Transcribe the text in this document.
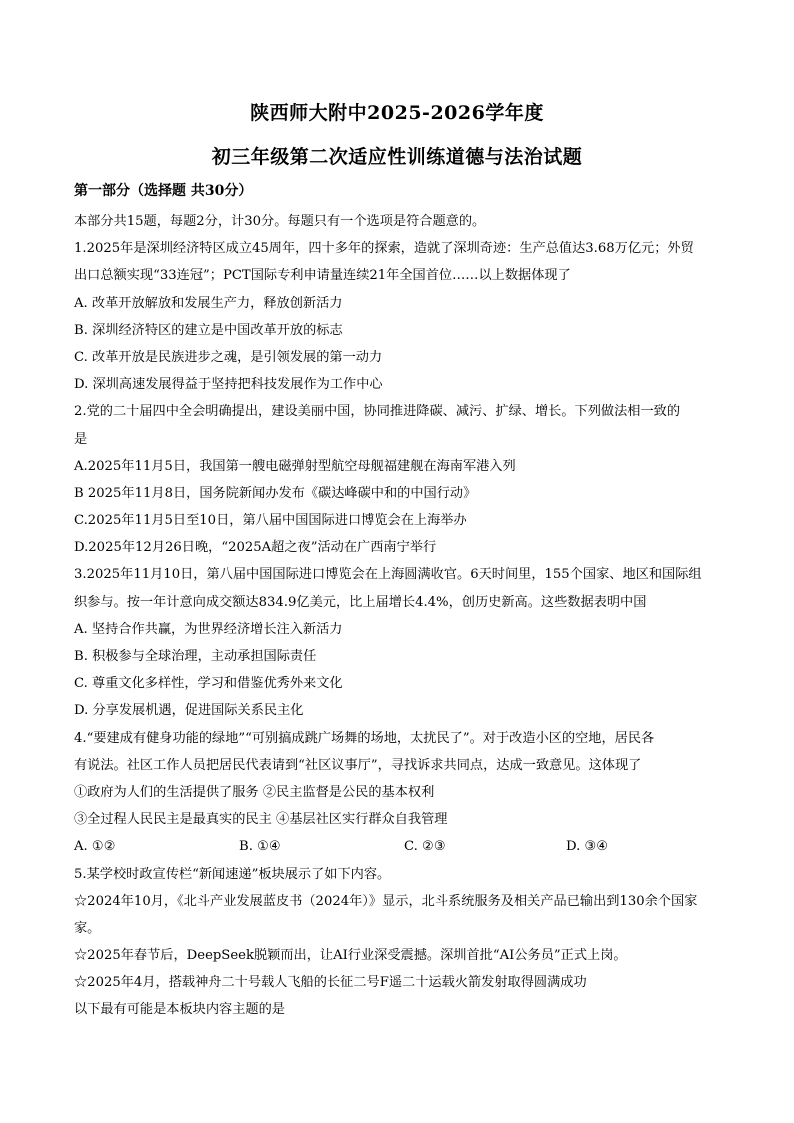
陕西师大附中2025-2026学年度
初三年级第二次适应性训练道德与法治试题
第一部分（选择题 共30分）
本部分共15题，每题2分，计30分。每题只有一个选项是符合题意的。
1.2025年是深圳经济特区成立45周年，四十多年的探索，造就了深圳奇迹：生产总值达3.68万亿元；外贸
出口总额实现“33连冠”；PCT国际专利申请量连续21年全国首位……以上数据体现了
A. 改革开放解放和发展生产力，释放创新活力
B. 深圳经济特区的建立是中国改革开放的标志
C. 改革开放是民族进步之魂，是引领发展的第一动力
D. 深圳高速发展得益于坚持把科技发展作为工作中心
2.党的二十届四中全会明确提出，建设美丽中国，协同推进降碳、减污、扩绿、增长。下列做法相一致的
是
A.2025年11月5日，我国第一艘电磁弹射型航空母舰福建舰在海南军港入列
B 2025年11月8日，国务院新闻办发布《碳达峰碳中和的中国行动》
C.2025年11月5日至10日，第八届中国国际进口博览会在上海举办
D.2025年12月26日晚，“2025A超之夜”活动在广西南宁举行
3.2025年11月10日，第八届中国国际进口博览会在上海圆满收官。6天时间里，155个国家、地区和国际组
织参与。按一年计意向成交额达834.9亿美元，比上届增长4.4%，创历史新高。这些数据表明中国
A. 坚持合作共赢，为世界经济增长注入新活力
B. 积极参与全球治理，主动承担国际责任
C. 尊重文化多样性，学习和借鉴优秀外来文化
D. 分享发展机遇，促进国际关系民主化
4.“要建成有健身功能的绿地”“可别搞成跳广场舞的场地，太扰民了”。对于改造小区的空地，居民各
有说法。社区工作人员把居民代表请到“社区议事厅”，寻找诉求共同点，达成一致意见。这体现了
①政府为人们的生活提供了服务 ②民主监督是公民的基本权利
③全过程人民民主是最真实的民主 ④基层社区实行群众自我管理
A. ①②	B. ①④	C. ②③	D. ③④
5.某学校时政宣传栏“新闻速递”板块展示了如下内容。
☆2024年10月，《北斗产业发展蓝皮书（2024年）》显示，北斗系统服务及相关产品已输出到130余个国家
家。
☆2025年春节后，DeepSeek脱颖而出，让AI行业深受震撼。深圳首批“AI公务员”正式上岗。
☆2025年4月，搭载神舟二十号载人飞船的长征二号F遥二十运载火箭发射取得圆满成功
以下最有可能是本板块内容主题的是
